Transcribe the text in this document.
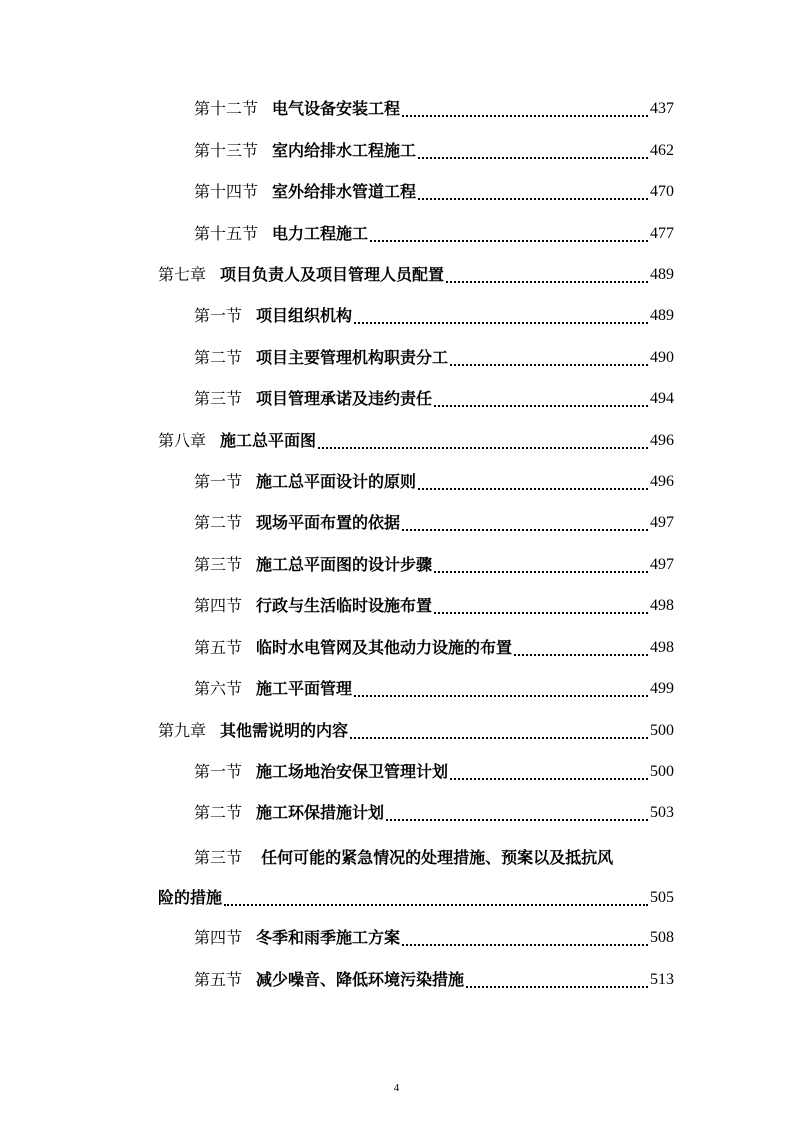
第十二节 电气设备安装工程	437
第十三节 室内给排水工程施工	462
第十四节 室外给排水管道工程	470
第十五节 电力工程施工	477
第七章 项目负责人及项目管理人员配置	489
第一节 项目组织机构	489
第二节 项目主要管理机构职责分工	490
第三节 项目管理承诺及违约责任	494
第八章 施工总平面图	496
第一节 施工总平面设计的原则	496
第二节 现场平面布置的依据	497
第三节 施工总平面图的设计步骤	497
第四节 行政与生活临时设施布置	498
第五节 临时水电管网及其他动力设施的布置	498
第六节 施工平面管理	499
第九章 其他需说明的内容	500
第一节 施工场地治安保卫管理计划	500
第二节 施工环保措施计划	503
第三节 任何可能的紧急情况的处理措施、预案以及抵抗风
险的措施	505
第四节 冬季和雨季施工方案	508
第五节 减少噪音、降低环境污染措施	513
4
